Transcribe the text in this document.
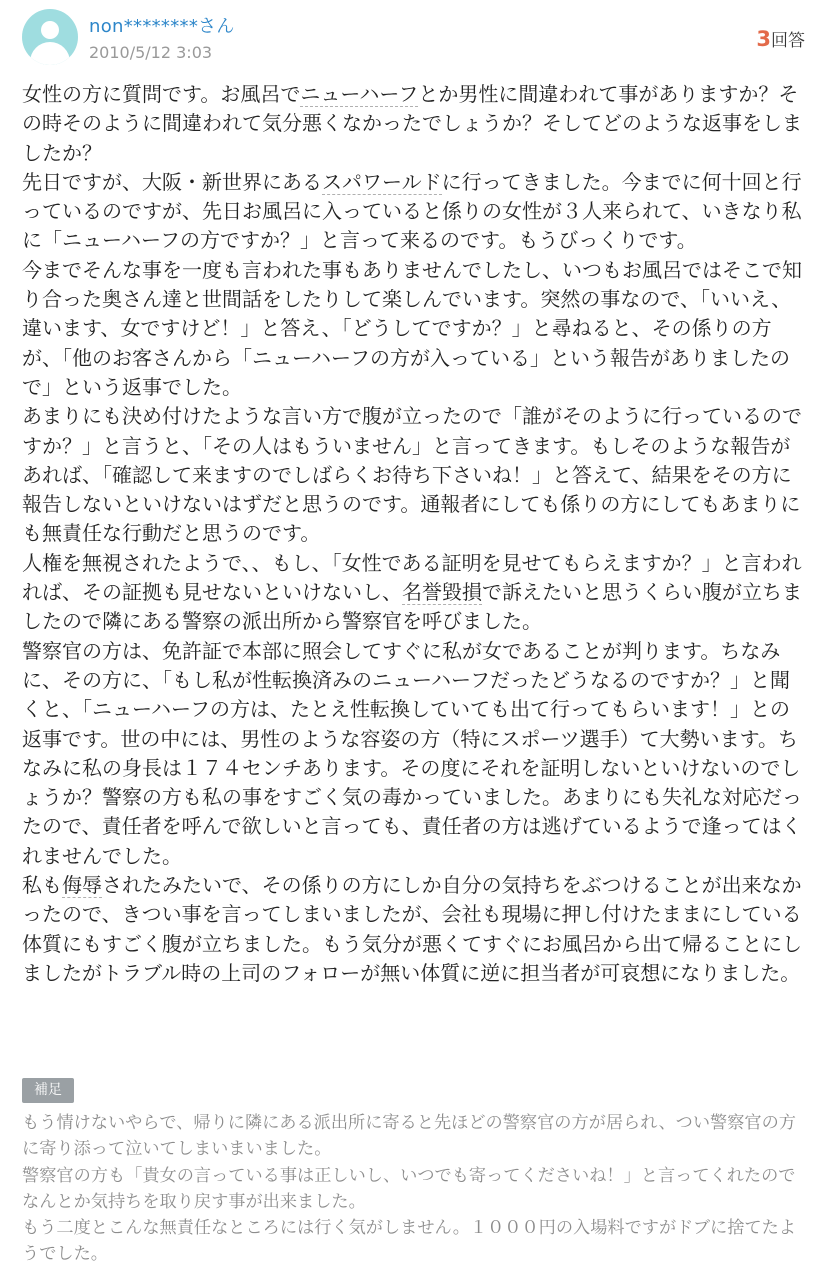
non********さん
2010/5/12 3:03
3回答

女性の方に質問です。お風呂でニューハーフとか男性に間違われて事がありますか？その時そのように間違われて気分悪くなかったでしょうか？そしてどのような返事をしましたか？

先日ですが、大阪・新世界にあるスパワールドに行ってきました。今までに何十回と行っているのですが、先日お風呂に入っていると係りの女性が３人来られて、いきなり私に「ニューハーフの方ですか？」と言って来るのです。もうびっくりです。

今までそんな事を一度も言われた事もありませんでしたし、いつもお風呂ではそこで知り合った奥さん達と世間話をしたりして楽しんでいます。突然の事なので、「いいえ、違います、女ですけど！」と答え、「どうしてですか？」と尋ねると、その係りの方が、「他のお客さんから「ニューハーフの方が入っている」という報告がありましたので」という返事でした。

あまりにも決め付けたような言い方で腹が立ったので「誰がそのように行っているのですか？」と言うと、「その人はもういません」と言ってきます。もしそのような報告があれば、「確認して来ますのでしばらくお待ち下さいね！」と答えて、結果をその方に報告しないといけないはずだと思うのです。通報者にしても係りの方にしてもあまりにも無責任な行動だと思うのです。

人権を無視されたようで、、もし、「女性である証明を見せてもらえますか？」と言われれば、その証拠も見せないといけないし、名誉毀損で訴えたいと思うくらい腹が立ちましたので隣にある警察の派出所から警察官を呼びました。

警察官の方は、免許証で本部に照会してすぐに私が女であることが判ります。ちなみに、その方に、「もし私が性転換済みのニューハーフだったどうなるのですか？」と聞くと、「ニューハーフの方は、たとえ性転換していても出て行ってもらいます！」との返事です。世の中には、男性のような容姿の方（特にスポーツ選手）て大勢います。ちなみに私の身長は１７４センチあります。その度にそれを証明しないといけないのでしょうか？警察の方も私の事をすごく気の毒かっていました。あまりにも失礼な対応だったので、責任者を呼んで欲しいと言っても、責任者の方は逃げているようで逢ってはくれませんでした。

私も侮辱されたみたいで、その係りの方にしか自分の気持ちをぶつけることが出来なかったので、きつい事を言ってしまいましたが、会社も現場に押し付けたままにしている体質にもすごく腹が立ちました。もう気分が悪くてすぐにお風呂から出て帰ることにしましたがトラブル時の上司のフォローが無い体質に逆に担当者が可哀想になりました。

補足

もう情けないやらで、帰りに隣にある派出所に寄ると先ほどの警察官の方が居られ、つい警察官の方に寄り添って泣いてしまいまいました。

警察官の方も「貴女の言っている事は正しいし、いつでも寄ってくださいね！」と言ってくれたのでなんとか気持ちを取り戻す事が出来ました。

もう二度とこんな無責任なところには行く気がしません。１０００円の入場料ですがドブに捨てたようでした。
